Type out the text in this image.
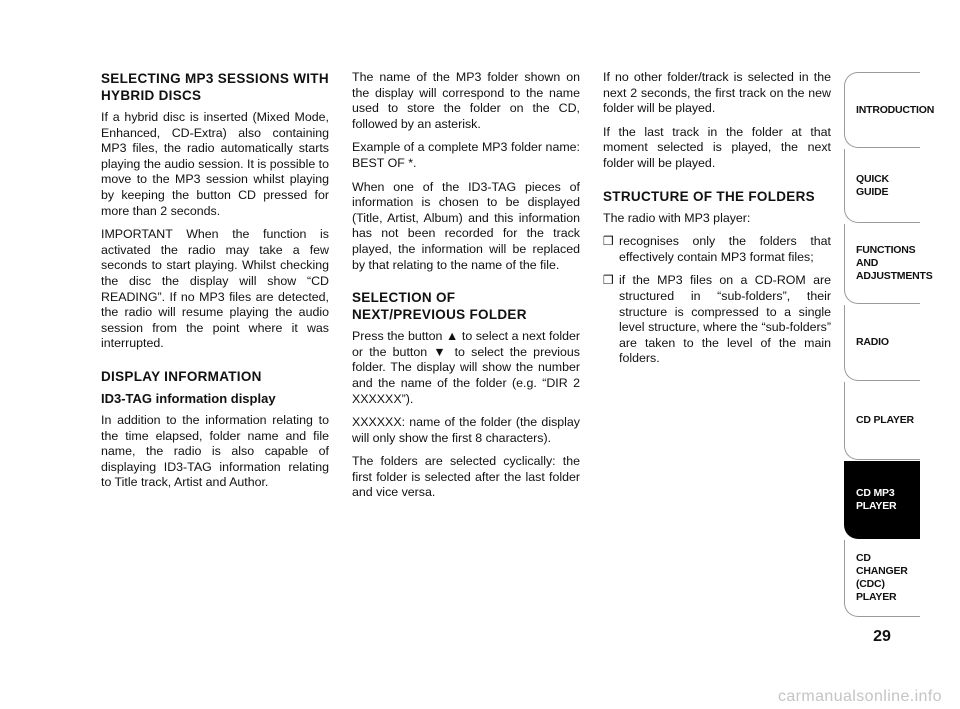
SELECTING MP3 SESSIONS WITH HYBRID DISCS

If a hybrid disc is inserted (Mixed Mode, Enhanced, CD-Extra) also containing MP3 files, the radio automatically starts playing the audio session. It is possible to move to the MP3 session whilst playing by keeping the button CD pressed for more than 2 seconds.

IMPORTANT When the function is activated the radio may take a few seconds to start playing. Whilst checking the disc the display will show “CD READING”. If no MP3 files are detected, the radio will resume playing the audio session from the point where it was interrupted.

DISPLAY INFORMATION
ID3-TAG information display

In addition to the information relating to the time elapsed, folder name and file name, the radio is also capable of displaying ID3-TAG information relating to Title track, Artist and Author.

The name of the MP3 folder shown on the display will correspond to the name used to store the folder on the CD, followed by an asterisk.

Example of a complete MP3 folder name: BEST OF *.

When one of the ID3-TAG pieces of information is chosen to be displayed (Title, Artist, Album) and this information has not been recorded for the track played, the information will be replaced by that relating to the name of the file.

SELECTION OF
NEXT/PREVIOUS FOLDER

Press the button ▲ to select a next folder or the button ▼ to select the previous folder. The display will show the number and the name of the folder (e.g. “DIR 2 XXXXXX”).

XXXXXX: name of the folder (the display will only show the first 8 characters).

The folders are selected cyclically: the first folder is selected after the last folder and vice versa.

If no other folder/track is selected in the next 2 seconds, the first track on the new folder will be played.

If the last track in the folder at that moment selected is played, the next folder will be played.

STRUCTURE OF THE FOLDERS

The radio with MP3 player:

❒ recognises only the folders that effectively contain MP3 format files;
❒ if the MP3 files on a CD-ROM are structured in “sub-folders”, their structure is compressed to a single level structure, where the “sub-folders” are taken to the level of the main folders.
INTRODUCTION
QUICK
GUIDE
FUNCTIONS
AND
ADJUSTMENTS
RADIO
CD PLAYER
CD MP3
PLAYER
CD CHANGER
(CDC) PLAYER
29
carmanualsonline.info
